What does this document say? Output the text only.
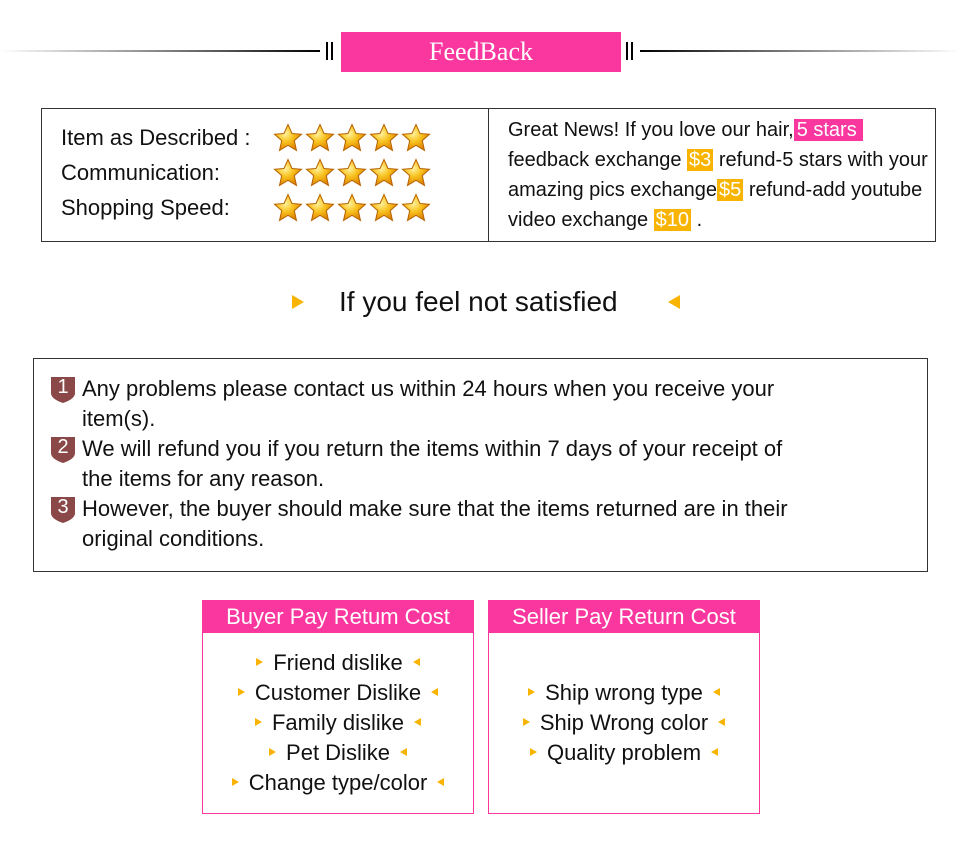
FeedBack
Item as Described :
Communication:
Shopping Speed:
Great News! If you love our hair, 5 stars
feedback exchange $3 refund-5 stars with your amazing pics exchange $5 refund-add youtube video exchange $10 .
If you feel not satisfied
1 Any problems please contact us within 24 hours when you receive your item(s).
2 We will refund you if you return the items within 7 days of your receipt of the items for any reason.
3 However, the buyer should make sure that the items returned are in their original conditions.
Buyer Pay Retum Cost
Friend dislike
Customer Dislike
Family dislike
Pet Dislike
Change type/color
Seller Pay Return Cost
Ship wrong type
Ship Wrong color
Quality problem
